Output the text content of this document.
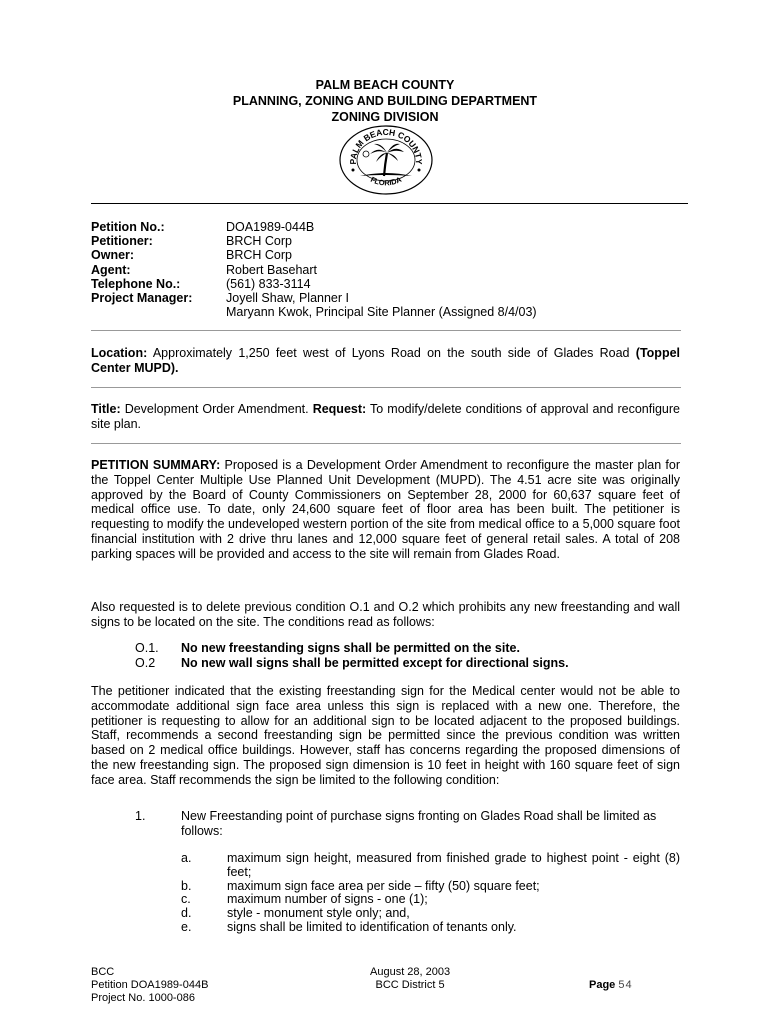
PALM BEACH COUNTY
PLANNING, ZONING AND BUILDING DEPARTMENT
ZONING DIVISION
PALM BEACH COUNTY
FLORIDA
Petition No.:	DOA1989-044B
Petitioner:	BRCH Corp
Owner:	BRCH Corp
Agent:	Robert Basehart
Telephone No.:	(561) 833-3114
Project Manager:	Joyell Shaw, Planner I
Maryann Kwok, Principal Site Planner (Assigned 8/4/03)
Location: Approximately 1,250 feet west of Lyons Road on the south side of Glades Road (Toppel Center MUPD).
Title: Development Order Amendment. Request: To modify/delete conditions of approval and reconfigure site plan.
PETITION SUMMARY: Proposed is a Development Order Amendment to reconfigure the master plan for the Toppel Center Multiple Use Planned Unit Development (MUPD). The 4.51 acre site was originally approved by the Board of County Commissioners on September 28, 2000 for 60,637 square feet of medical office use. To date, only 24,600 square feet of floor area has been built. The petitioner is requesting to modify the undeveloped western portion of the site from medical office to a 5,000 square foot financial institution with 2 drive thru lanes and 12,000 square feet of general retail sales. A total of 208 parking spaces will be provided and access to the site will remain from Glades Road.
Also requested is to delete previous condition O.1 and O.2 which prohibits any new freestanding and wall signs to be located on the site. The conditions read as follows:
O.1.	No new freestanding signs shall be permitted on the site.
O.2	No new wall signs shall be permitted except for directional signs.
The petitioner indicated that the existing freestanding sign for the Medical center would not be able to accommodate additional sign face area unless this sign is replaced with a new one. Therefore, the petitioner is requesting to allow for an additional sign to be located adjacent to the proposed buildings. Staff, recommends a second freestanding sign be permitted since the previous condition was written based on 2 medical office buildings. However, staff has concerns regarding the proposed dimensions of the new freestanding sign. The proposed sign dimension is 10 feet in height with 160 square feet of sign face area. Staff recommends the sign be limited to the following condition:
1.	New Freestanding point of purchase signs fronting on Glades Road shall be limited as follows:
a.	maximum sign height, measured from finished grade to highest point - eight (8) feet;
b.	maximum sign face area per side – fifty (50) square feet;
c.	maximum number of signs - one (1);
d.	style - monument style only; and,
e.	signs shall be limited to identification of tenants only.
BCC
Petition DOA1989-044B
Project No. 1000-086
August 28, 2003
BCC District 5	Page 54
